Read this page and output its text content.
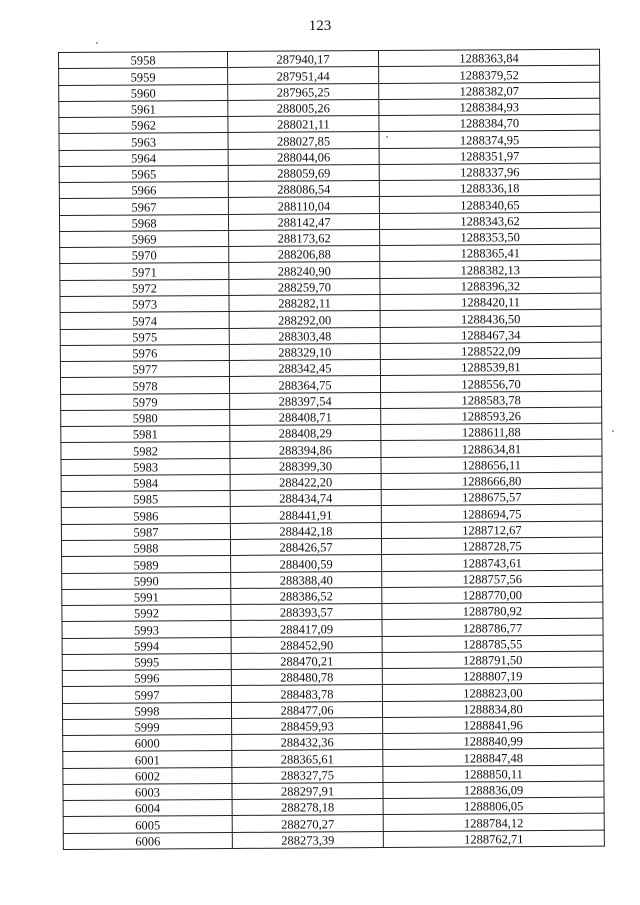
123
5958	287940,17	1288363,84
5959	287951,44	1288379,52
5960	287965,25	1288382,07
5961	288005,26	1288384,93
5962	288021,11	1288384,70
5963	288027,85	1288374,95
5964	288044,06	1288351,97
5965	288059,69	1288337,96
5966	288086,54	1288336,18
5967	288110,04	1288340,65
5968	288142,47	1288343,62
5969	288173,62	1288353,50
5970	288206,88	1288365,41
5971	288240,90	1288382,13
5972	288259,70	1288396,32
5973	288282,11	1288420,11
5974	288292,00	1288436,50
5975	288303,48	1288467,34
5976	288329,10	1288522,09
5977	288342,45	1288539,81
5978	288364,75	1288556,70
5979	288397,54	1288583,78
5980	288408,71	1288593,26
5981	288408,29	1288611,88
5982	288394,86	1288634,81
5983	288399,30	1288656,11
5984	288422,20	1288666,80
5985	288434,74	1288675,57
5986	288441,91	1288694,75
5987	288442,18	1288712,67
5988	288426,57	1288728,75
5989	288400,59	1288743,61
5990	288388,40	1288757,56
5991	288386,52	1288770,00
5992	288393,57	1288780,92
5993	288417,09	1288786,77
5994	288452,90	1288785,55
5995	288470,21	1288791,50
5996	288480,78	1288807,19
5997	288483,78	1288823,00
5998	288477,06	1288834,80
5999	288459,93	1288841,96
6000	288432,36	1288840,99
6001	288365,61	1288847,48
6002	288327,75	1288850,11
6003	288297,91	1288836,09
6004	288278,18	1288806,05
6005	288270,27	1288784,12
6006	288273,39	1288762,71
